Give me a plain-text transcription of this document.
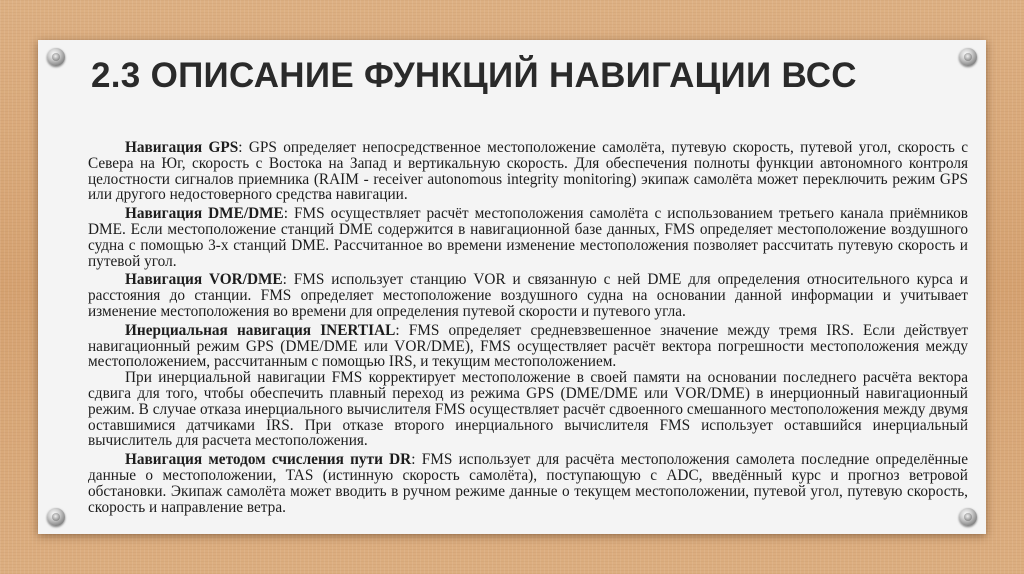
2.3 ОПИСАНИЕ ФУНКЦИЙ НАВИГАЦИИ ВСС

Навигация GPS: GPS определяет непосредственное местоположение самолёта, путевую скорость, путевой угол, скорость с Севера на Юг, скорость с Востока на Запад и вертикальную скорость. Для обеспечения полноты функции автономного контроля целостности сигналов приемника (RAIM - receiver autonomous integrity monitoring) экипаж самолёта может переключить режим GPS или другого недостоверного средства навигации.

Навигация DME/DME: FMS осуществляет расчёт местоположения самолёта с использованием третьего канала приёмников DME. Если местоположение станций DME содержится в навигационной базе данных, FMS определяет местоположение воздушного судна с помощью 3-х станций DME. Рассчитанное во времени изменение местоположения позволяет рассчитать путевую скорость и путевой угол.

Навигация VOR/DME: FMS использует станцию VOR и связанную с ней DME для определения относительного курса и расстояния до станции. FMS определяет местоположение воздушного судна на основании данной информации и учитывает изменение местоположения во времени для определения путевой скорости и путевого угла.

Инерциальная навигация INERTIAL: FMS определяет средневзвешенное значение между тремя IRS. Если действует навигационный режим GPS (DME/DME или VOR/DME), FMS осуществляет расчёт вектора погрешности местоположения между местоположением, рассчитанным с помощью IRS, и текущим местоположением.

При инерциальной навигации FMS корректирует местоположение в своей памяти на основании последнего расчёта вектора сдвига для того, чтобы обеспечить плавный переход из режима GPS (DME/DME или VOR/DME) в инерционный навигационный режим. В случае отказа инерциального вычислителя FMS осуществляет расчёт сдвоенного смешанного местоположения между двумя оставшимися датчиками IRS. При отказе второго инерциального вычислителя FMS использует оставшийся инерциальный вычислитель для расчета местоположения.

Навигация методом счисления пути DR: FMS использует для расчёта местоположения самолета последние определённые данные о местоположении, TAS (истинную скорость самолёта), поступающую с ADC, введённый курс и прогноз ветровой обстановки. Экипаж самолёта может вводить в ручном режиме данные о текущем местоположении, путевой угол, путевую скорость, скорость и направление ветра.
